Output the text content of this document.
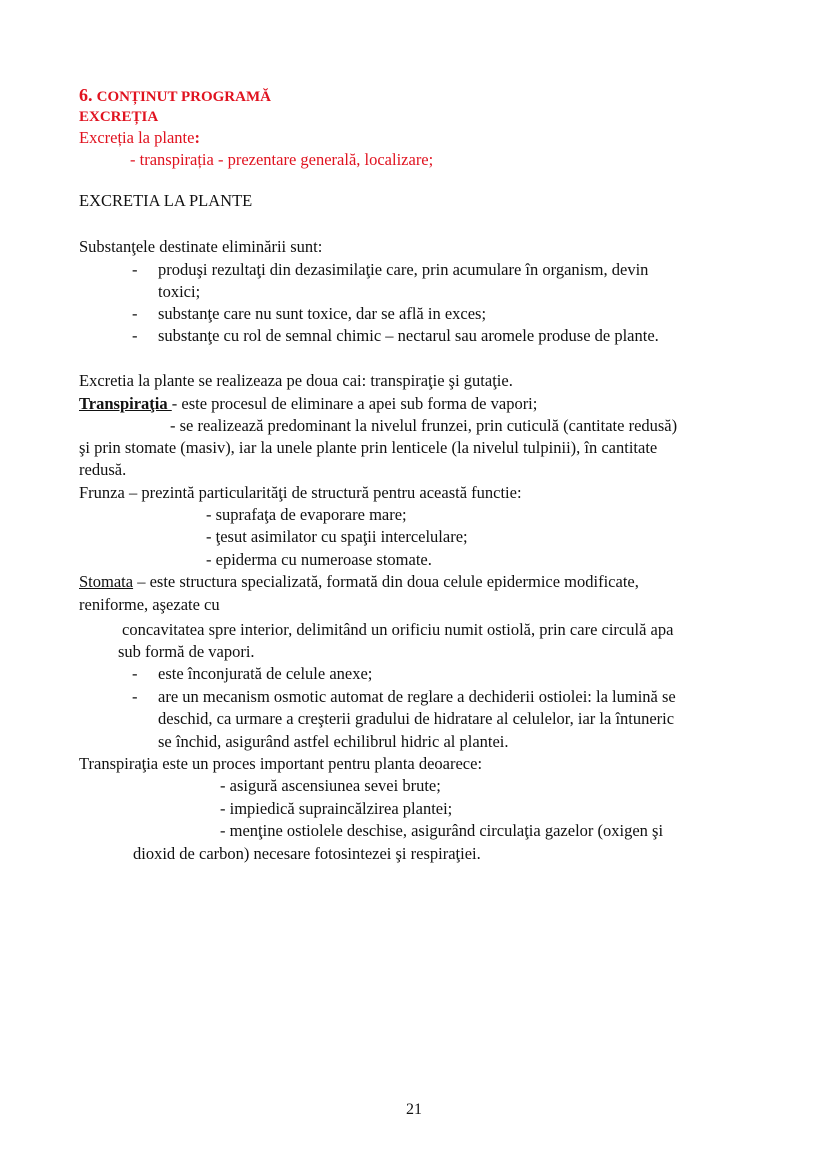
6. CONȚINUT PROGRAMĂ
EXCREȚIA
Excreția la plante:
- transpirația - prezentare generală, localizare;
EXCRETIA LA PLANTE
Substanţele destinate eliminării sunt:
- produşi rezultaţi din dezasimilaţie care, prin acumulare în organism, devin
toxici;
- substanţe care nu sunt toxice, dar se află in exces;
- substanţe cu rol de semnal chimic – nectarul sau aromele produse de plante.
Excretia la plante se realizeaza pe doua cai: transpiraţie şi gutaţie.
Transpiraţia - este procesul de eliminare a apei sub forma de vapori;
- se realizează predominant la nivelul frunzei, prin cuticulă (cantitate redusă)
şi prin stomate (masiv), iar la unele plante prin lenticele (la nivelul tulpinii), în cantitate
redusă.
Frunza – prezintă particularităţi de structură pentru această functie:
- suprafaţa de evaporare mare;
- ţesut asimilator cu spaţii intercelulare;
- epiderma cu numeroase stomate.
Stomata – este structura specializată, formată din doua celule epidermice modificate,
reniforme, aşezate cu
concavitatea spre interior, delimitând un orificiu numit ostiolă, prin care circulă apa
sub formă de vapori.
- este înconjurată de celule anexe;
- are un mecanism osmotic automat de reglare a dechiderii ostiolei: la lumină se
deschid, ca urmare a creşterii gradului de hidratare al celulelor, iar la întuneric
se închid, asigurând astfel echilibrul hidric al plantei.
Transpiraţia este un proces important pentru planta deoarece:
- asigură ascensiunea sevei brute;
- impiedică supraincălzirea plantei;
- menţine ostiolele deschise, asigurând circulaţia gazelor (oxigen şi
dioxid de carbon) necesare fotosintezei şi respiraţiei.
21
